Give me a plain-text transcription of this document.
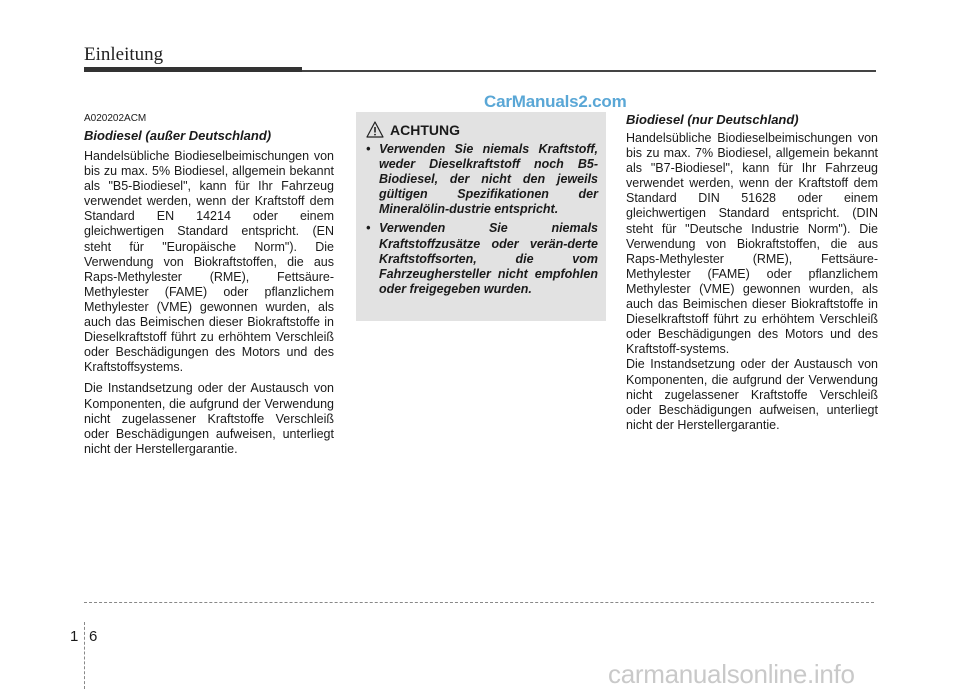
Einleitung
CarManuals2.com
A020202ACM
Biodiesel (außer Deutschland)

Handelsübliche Biodieselbeimischungen von bis zu max. 5% Biodiesel, allgemein bekannt als "B5-Biodiesel", kann für Ihr Fahrzeug verwendet werden, wenn der Kraftstoff dem Standard EN 14214 oder einem gleichwertigen Standard entspricht. (EN steht für "Europäische Norm"). Die Verwendung von Biokraftstoffen, die aus Raps-Methylester (RME), Fettsäure-Methylester (FAME) oder pflanzlichem Methylester (VME) gewonnen wurden, als auch das Beimischen dieser Biokraftstoffe in Dieselkraftstoff führt zu erhöhtem Verschleiß oder Beschädigungen des Motors und des Kraftstoffsystems.

Die Instandsetzung oder der Austausch von Komponenten, die aufgrund der Verwendung nicht zugelassener Kraftstoffe Verschleiß oder Beschädigungen aufweisen, unterliegt nicht der Herstellergarantie.

ACHTUNG
• Verwenden Sie niemals Kraftstoff, weder Dieselkraftstoff noch B5-Biodiesel, der nicht den jeweils gültigen Spezifikationen der Mineralölin-dustrie entspricht.
• Verwenden Sie niemals Kraftstoffzusätze oder verän-derte Kraftstoffsorten, die vom Fahrzeughersteller nicht empfohlen oder freigegeben wurden.
Biodiesel (nur Deutschland)

Handelsübliche Biodieselbeimischungen von bis zu max. 7% Biodiesel, allgemein bekannt als "B7-Biodiesel", kann für Ihr Fahrzeug verwendet werden, wenn der Kraftstoff dem Standard DIN 51628 oder einem gleichwertigen Standard entspricht. (DIN steht für "Deutsche Industrie Norm"). Die Verwendung von Biokraftstoffen, die aus Raps-Methylester (RME), Fettsäure-Methylester (FAME) oder pflanzlichem Methylester (VME) gewonnen wurden, als auch das Beimischen dieser Biokraftstoffe in Dieselkraftstoff führt zu erhöhtem Verschleiß oder Beschädigungen des Motors und des Kraftstoff-systems.

Die Instandsetzung oder der Austausch von Komponenten, die aufgrund der Verwendung nicht zugelassener Kraftstoffe Verschleiß oder Beschädigungen aufweisen, unterliegt nicht der Herstellergarantie.

1 6
carmanualsonline.info
